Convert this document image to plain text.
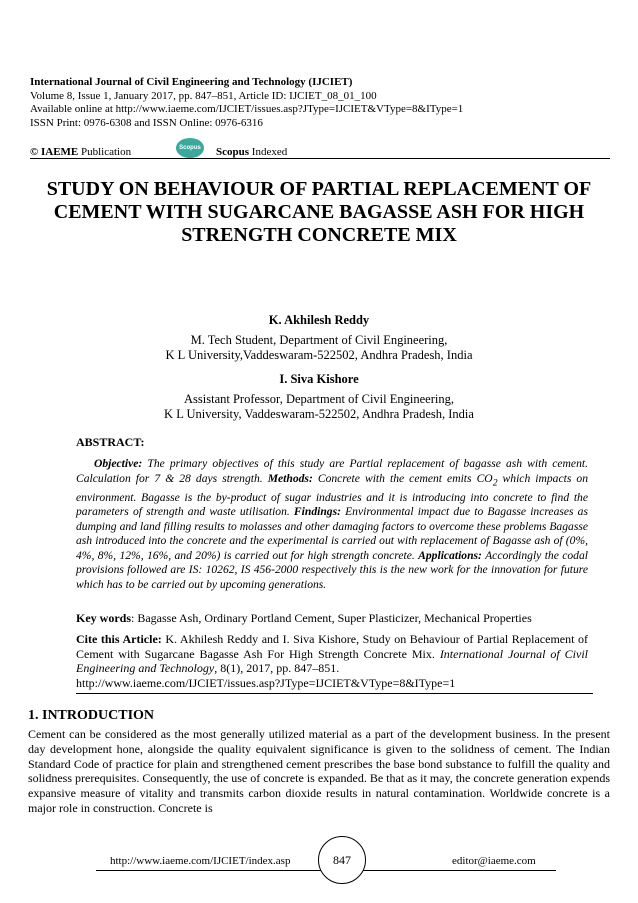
International Journal of Civil Engineering and Technology (IJCIET)
Volume 8, Issue 1, January 2017, pp. 847–851, Article ID: IJCIET_08_01_100
Available online at http://www.iaeme.com/IJCIET/issues.asp?JType=IJCIET&VType=8&IType=1
ISSN Print: 0976-6308 and ISSN Online: 0976-6316
© IAEME Publication	Scopus Scopus Indexed
STUDY ON BEHAVIOUR OF PARTIAL REPLACEMENT OF CEMENT WITH SUGARCANE BAGASSE ASH FOR HIGH STRENGTH CONCRETE MIX
K. Akhilesh Reddy
M. Tech Student, Department of Civil Engineering,
K L University,Vaddeswaram-522502, Andhra Pradesh, India
I. Siva Kishore
Assistant Professor, Department of Civil Engineering,
K L University, Vaddeswaram-522502, Andhra Pradesh, India
ABSTRACT:
Objective: The primary objectives of this study are Partial replacement of bagasse ash with cement. Calculation for 7 & 28 days strength. Methods: Concrete with the cement emits $CO_2$ which impacts on environment. Bagasse is the by-product of sugar industries and it is introducing into concrete to find the parameters of strength and waste utilisation. Findings: Environmental impact due to Bagasse increases as dumping and land filling results to molasses and other damaging factors to overcome these problems Bagasse ash introduced into the concrete and the experimental is carried out with replacement of Bagasse ash of (0%, 4%, 8%, 12%, 16%, and 20%) is carried out for high strength concrete. Applications: Accordingly the codal provisions followed are IS: 10262, IS 456-2000 respectively this is the new work for the innovation for future which has to be carried out by upcoming generations.
Key words: Bagasse Ash, Ordinary Portland Cement, Super Plasticizer, Mechanical Properties
Cite this Article: K. Akhilesh Reddy and I. Siva Kishore, Study on Behaviour of Partial Replacement of Cement with Sugarcane Bagasse Ash For High Strength Concrete Mix. International Journal of Civil Engineering and Technology, 8(1), 2017, pp. 847–851.
http://www.iaeme.com/IJCIET/issues.asp?JType=IJCIET&VType=8&IType=1
1. INTRODUCTION
Cement can be considered as the most generally utilized material as a part of the development business. In the present day development hone, alongside the quality equivalent significance is given to the solidness of cement. The Indian Standard Code of practice for plain and strengthened cement prescribes the base bond substance to fulfill the quality and solidness prerequisites. Consequently, the use of concrete is expanded. Be that as it may, the concrete generation expends expansive measure of vitality and transmits carbon dioxide results in natural contamination. Worldwide concrete is a major role in construction. Concrete is
http://www.iaeme.com/IJCIET/index.asp	847	editor@iaeme.com
